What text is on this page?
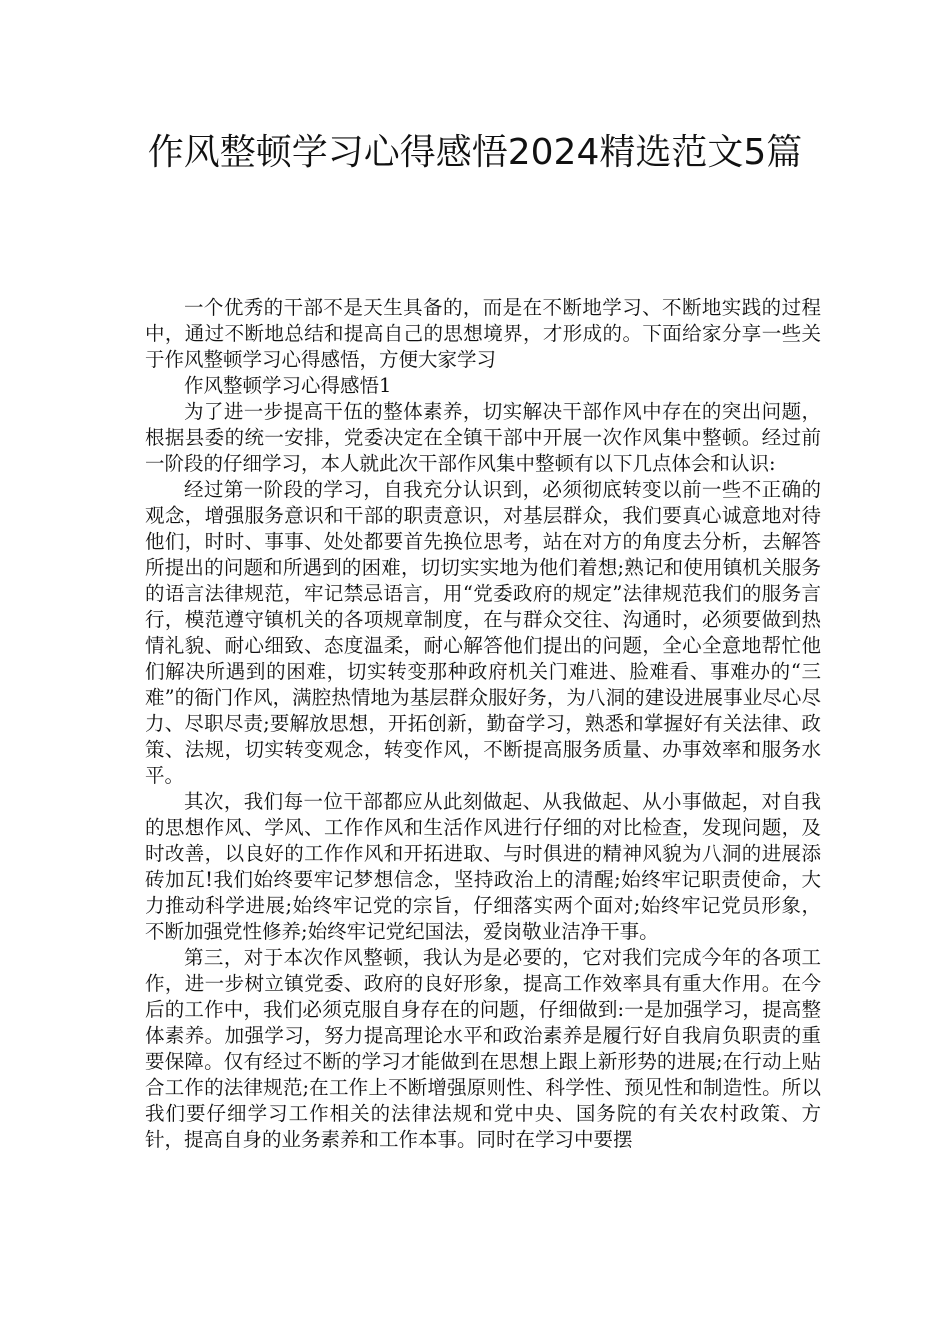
作风整顿学习心得感悟2024精选范文5篇

一个优秀的干部不是天生具备的，而是在不断地学习、不断地实践的过程中，通过不断地总结和提高自己的思想境界，才形成的。下面给家分享一些关于作风整顿学习心得感悟，方便大家学习

作风整顿学习心得感悟1

为了进一步提高干伍的整体素养，切实解决干部作风中存在的突出问题，根据县委的统一安排，党委决定在全镇干部中开展一次作风集中整顿。经过前一阶段的仔细学习，本人就此次干部作风集中整顿有以下几点体会和认识:

经过第一阶段的学习，自我充分认识到，必须彻底转变以前一些不正确的观念，增强服务意识和干部的职责意识，对基层群众，我们要真心诚意地对待他们，时时、事事、处处都要首先换位思考，站在对方的角度去分析，去解答所提出的问题和所遇到的困难，切切实实地为他们着想;熟记和使用镇机关服务的语言法律规范，牢记禁忌语言，用“党委政府的规定”法律规范我们的服务言行，模范遵守镇机关的各项规章制度，在与群众交往、沟通时，必须要做到热情礼貌、耐心细致、态度温柔，耐心解答他们提出的问题，全心全意地帮忙他们解决所遇到的困难，切实转变那种政府机关门难进、脸难看、事难办的“三难”的衙门作风，满腔热情地为基层群众服好务，为八洞的建设进展事业尽心尽力、尽职尽责;要解放思想，开拓创新，勤奋学习，熟悉和掌握好有关法律、政策、法规，切实转变观念，转变作风，不断提高服务质量、办事效率和服务水平。

其次，我们每一位干部都应从此刻做起、从我做起、从小事做起，对自我的思想作风、学风、工作作风和生活作风进行仔细的对比检查，发现问题，及时改善，以良好的工作作风和开拓进取、与时俱进的精神风貌为八洞的进展添砖加瓦!我们始终要牢记梦想信念，坚持政治上的清醒;始终牢记职责使命，大力推动科学进展;始终牢记党的宗旨，仔细落实两个面对;始终牢记党员形象，不断加强党性修养;始终牢记党纪国法，爱岗敬业洁净干事。

第三，对于本次作风整顿，我认为是必要的，它对我们完成今年的各项工作，进一步树立镇党委、政府的良好形象，提高工作效率具有重大作用。在今后的工作中，我们必须克服自身存在的问题，仔细做到:一是加强学习，提高整体素养。加强学习，努力提高理论水平和政治素养是履行好自我肩负职责的重要保障。仅有经过不断的学习才能做到在思想上跟上新形势的进展;在行动上贴合工作的法律规范;在工作上不断增强原则性、科学性、预见性和制造性。所以我们要仔细学习工作相关的法律法规和党中央、国务院的有关农村政策、方针，提高自身的业务素养和工作本事。同时在学习中要摆
